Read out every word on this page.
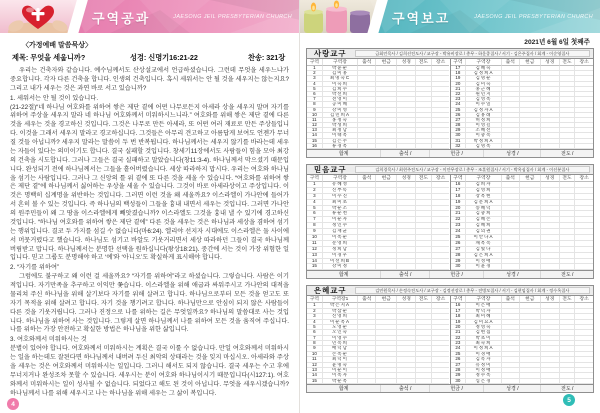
구역공과	JAESONG JEIL PRESBYTERIAN CHURCH
〈가정예배 말씀묵상〉
제목: 무엇을 세웁니까?	성경: 신명기16:21-22	찬송: 321장
우리는 건축자와 같습니다. 예수님께서도 산상설교에서 언급하셨습니다. 그런데 무엇을 세우느냐가 중요합니다. 각자 다른 건축을 합니다. 인생의 건축입니다. 혹시 세워서는 안 될 것을 세우지는 않는지요? 그리고 내가 세우는 것은 과연 바로 서고 있습니까?
1. 세워서는 안 될 것이 있습니다.
(21-22절)“네 하나님 여호와를 위하여 쌓은 제단 곁에 어떤 나무로든지 아세라 상을 세우지 말며 자기를 위하여 주상을 세우지 말라 네 하나님 여호와께서 미워하시느니라.” 여호와를 위해 쌓은 제단 곁에 다른 것을 세우는 것을 경고하신 것입니다. 그것은 나무로 만든 아세라, 또 어떤 여러 재료로 만든 주상들입니다. 이것을 그래서 세우지 말라고 경고하십니다. 그것들은 아무리 견고하고 아름답게 보여도 언젠가 무너질 것들 아닙니까? 세우지 말라는 말씀이 두 번 반복됩니다. 하나님께서는 세우지 않기를 바라는데 세우는 자들이 있다는 의미이기도 합니다. 결국 실패할 것입니다. 창세기11장에서도 사람들이 힘을 모아 최강의 건축을 시도합니다. 그러나 그들은 결국 실패하고 말았습니다(창11:3-4). 하나님께서 막으셨기 때문입니다. 완성되기 전에 하나님께서는 그들을 흩어버렸습니다. 세상 따라하지 맙시다. 우리는 여호와 하나님을 섬기는 사람입니다. 그러나 그 신앙의 틀 위 곁에 또 다른 것을 세울 수 있습니다. “여호와를 위하여 쌓은 제단 곁”에 하나님께서 싫어하는 우상을 세울 수 있습니다. 그것이 바로 아세라상이고 주상입니다. 이것은 명백히 십계명을 위반하는 것입니다. 그러면 이런 것을 왜 세울까요? 이스라엘이 가나안에 들어가서 흔히 볼 수 있는 것입니다. 즉 하나님의 백성들이 그들을 흉내 내면서 세우는 것입니다. 그러면 가나안의 원주민들이 왜 그 땅을 이스라엘에게 빼앗겼습니까? 이스라엘도 그것을 흉내 낼 수 있기에 경고하신 것입니다. “하나님 여호와를 위하여 쌓은 제단 곁에” 다른 것을 세우는 것은 하나님과 세상을 겸하여 섬기는 행위입니다. 결코 두 가지를 섬길 수 없습니다(마6:24). 엘리야 선지자 시대에도 이스라엘은 둘 사이에서 머뭇거렸다고 했습니다. 하나님도 섬기고 바알도 기웃거리면서 세상 따라하던 그들이 결국 하나님께 버림받고 맙니다. 하나님께서는 분명한 선택을 원하십니다(왕상18:21). 중간에 서는 것이 가장 위험한 일입니다. 믿고 그룹도 분명해야 하고 ‘예’와 ‘아니오’도 확실하게 표시해야 합니다.
2. “자기를 위하여”
그럼에도 불구하고 왜 이런 걸 세울까요? “자기를 위하여”라고 하셨습니다. 그렇습니다. 사람은 이기적입니다. 자기만족을 추구하고 이익만 쫓습니다. 이스라엘을 위해 애굽과 싸워주시고 가나안의 대적을 물리쳐 주신 하나님을 위해 살기보다 자기를 위해 살려고 합니다. 하나님으로부터 모든 것을 얻고도 또 자기 목적을 위해 살려고 합니다. 자기 것을 챙기려고 합니다. 하나님만으로 안심이 되지 않은 사람들이 다른 것을 기웃거립니다. 그러나 진정으로 나를 위하는 길은 무엇일까요? 하나님의 말씀대로 사는 것입니다. 하나님을 위하여 사는 것입니다. 그렇게 살면 하나님께서 나를 위하여 모든 것을 움직여 주십니다. 나를 위하는 가장 안전하고 확실한 방법은 하나님을 위한 삶입니다.
3. 여호와께서 미워하시는 것
분별이 있어야 합니다. 여호와께서 미워하시는 계획은 결국 이룰 수 없습니다. 만일 여호와께서 미워하시는 일을 하는데도 잘된다면 하나님께서 내버려 두신 최악의 상태라는 것을 잊지 마십시오. 아세라와 주상을 세우는 것은 여호와께서 미워하시는 일입니다. 그러니 해서도 되지 않습니다. 결국 세우는 수고 후에 무너지거나 완성조차 못할 수 있습니다. 세우시는 분이 여호와 하나님이시기 때문입니다(시127:1). 여호와께서 미워하시는 일이 성사될 수 없습니다. 되었다고 해도 된 것이 아닙니다. 무엇을 세우시겠습니까? 하나님께서 나를 위해 세우시고 나는 하나님을 위해 세우는 그 삶이 복입니다.
4
구역보고	JAESONG JEIL PRESBYTERIAN CHURCH
2021년 6월 6일 첫째주
사랑교구	금회언목사 / 김희선전도사 / 교구장 - 박유비장로 / 총무 - 하운종집사 / 서기 - 김은주집사 / 회계 - 이순영집사
구역	구역장	출석	헌금	성경	전도	장소
1	박윤순
2	김미홍
3	최명숙C
4	이숙희
5	김희수
6	박선희
7	전영이
8	공미혜
9	강미영
10	김민희A
11	홍정숙
12	박성희
13	최정남
14	이태옥
15	김은주
16	류경옥
구역	구역장	출석	헌금	성경	전도	장소
17	김혜숙
18	김정희A
19	김명순
20	김미숙
21	홍근혜
22	원민지
23	김영옥
24	이수일
25	김정자A
26	김홍례
27	허정희
28	이영길
29	조혜선
30	이충복
31	박정희A
32	김명옥
합계	출석 /	헌금 /	성경 /	전도 /
믿음교구	김희경목사 / 최현주전도사 / 교구장 - 이안무장로 / 총무 - 조훈원집사 / 서기 - 박옥심집사 / 회계 - 이선분집사
구역	구역장	출석	헌금	성경	전도	장소
1	유혜성
2	신부록
3	이수진
4	최미초
5	박순조
6	류순천
7	이순자
8	정인수
9	김재균
10	이옥순
11	문영희
12	정희남
13	이경우
14	이선희B
15	강미정
구역	구역장	출석	헌금	성경	전도	장소
16	김희자
17	김영희
18	장옥현
19	김문희A
20	송혜덕
21	김충희
22	김혜손
23	김혜희
24	김의권
25	이안나A
26	채옥복
27	김빛나
28	김은희A
29	이성애
30	이윤경
합계	출석 /	헌금 /	성경 /	전도 /
은혜교구	김민원목사 / 손정숙전도사 / 교구장 - 김정선장로 / 총무 - 전병모집사 / 서기 - 김현임집사 / 회계 - 정수옥집사
구역	구역장1	출석	헌금	성경	전도	장소
1	박은지A
2	박삼순
3	신영희
4	이순옥A
5	노영순
6	오인숙
7	이영수
8	민복희
9	배덕남
10	손옥순
11	최덕이
12	윤명숙
13	이순이
14	이옥자
15	박순옥
구역	구역장	출석	헌금	성경	전도	장소
16	이은애
17	박덕자
18	최미혜
19	김미요A
20	정영숙
21	김현집
22	박초이
23	최숙희
24	이정희A
25	이경애
26	김복자
27	유정미
28	이정애
29	정수옥
30	심은경
합계	출석 /	헌금 /	성경 /	전도 /
5
